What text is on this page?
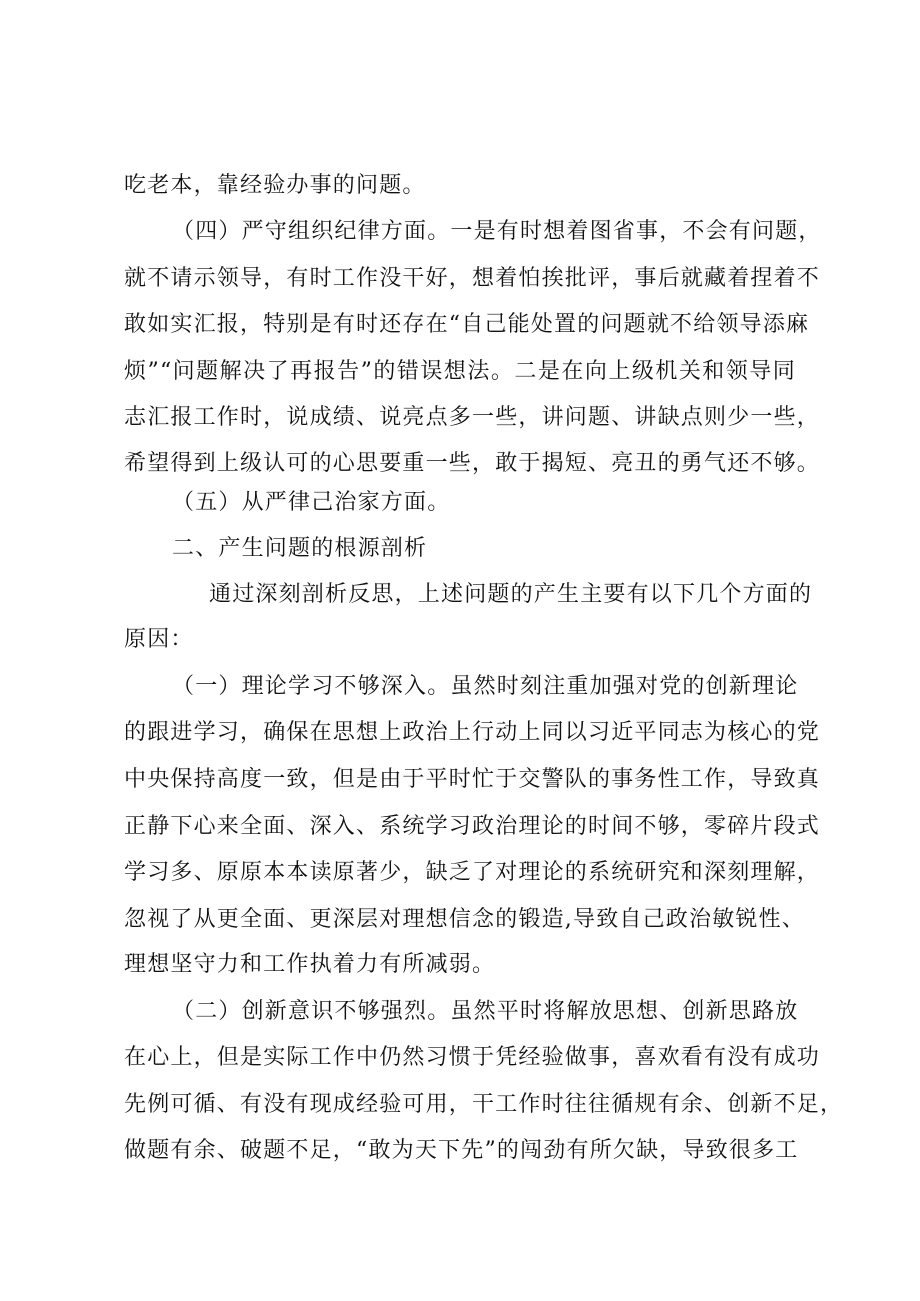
吃老本，靠经验办事的问题。
（四）严守组织纪律方面。一是有时想着图省事，不会有问题，
就不请示领导，有时工作没干好，想着怕挨批评，事后就藏着捏着不
敢如实汇报，特别是有时还存在“自己能处置的问题就不给领导添麻
烦”“问题解决了再报告”的错误想法。二是在向上级机关和领导同
志汇报工作时，说成绩、说亮点多一些，讲问题、讲缺点则少一些，
希望得到上级认可的心思要重一些，敢于揭短、亮丑的勇气还不够。
（五）从严律己治家方面。
二、产生问题的根源剖析
通过深刻剖析反思，上述问题的产生主要有以下几个方面的
原因：
（一）理论学习不够深入。虽然时刻注重加强对党的创新理论
的跟进学习，确保在思想上政治上行动上同以习近平同志为核心的党
中央保持高度一致，但是由于平时忙于交警队的事务性工作，导致真
正静下心来全面、深入、系统学习政治理论的时间不够，零碎片段式
学习多、原原本本读原著少，缺乏了对理论的系统研究和深刻理解，
忽视了从更全面、更深层对理想信念的锻造,导致自己政治敏锐性、
理想坚守力和工作执着力有所减弱。
（二）创新意识不够强烈。虽然平时将解放思想、创新思路放
在心上，但是实际工作中仍然习惯于凭经验做事，喜欢看有没有成功
先例可循、有没有现成经验可用，干工作时往往循规有余、创新不足，
做题有余、破题不足，“敢为天下先”的闯劲有所欠缺，导致很多工
